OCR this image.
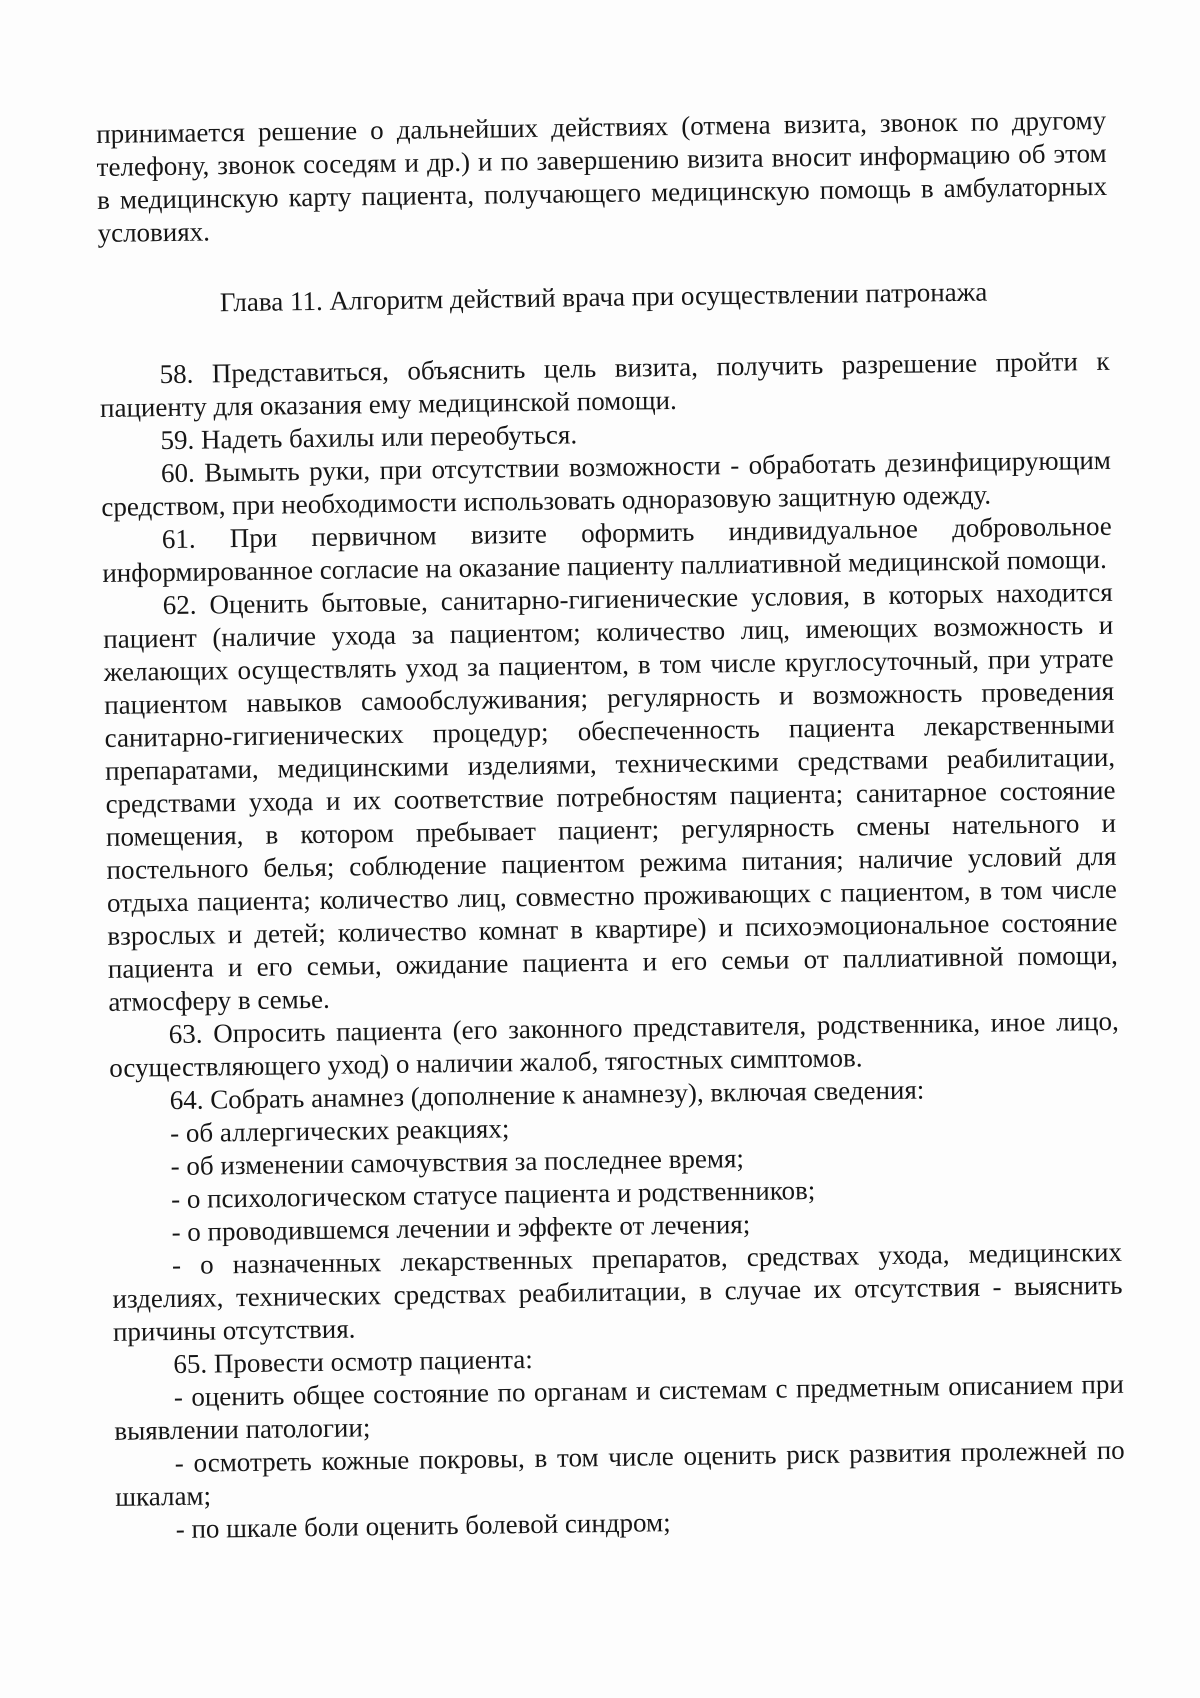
принимается решение о дальнейших действиях (отмена визита, звонок по другому телефону, звонок соседям и др.) и по завершению визита вносит информацию об этом в медицинскую карту пациента, получающего медицинскую помощь в амбулаторных условиях.

Глава 11. Алгоритм действий врача при осуществлении патронажа

58. Представиться, объяснить цель визита, получить разрешение пройти к пациенту для оказания ему медицинской помощи.

59. Надеть бахилы или переобуться.

60. Вымыть руки, при отсутствии возможности - обработать дезинфицирующим средством, при необходимости использовать одноразовую защитную одежду.

61. При первичном визите оформить индивидуальное добровольное информированное согласие на оказание пациенту паллиативной медицинской помощи.

62. Оценить бытовые, санитарно-гигиенические условия, в которых находится пациент (наличие ухода за пациентом; количество лиц, имеющих возможность и желающих осуществлять уход за пациентом, в том числе круглосуточный, при утрате пациентом навыков самообслуживания; регулярность и возможность проведения санитарно-гигиенических процедур; обеспеченность пациента лекарственными препаратами, медицинскими изделиями, техническими средствами реабилитации, средствами ухода и их соответствие потребностям пациента; санитарное состояние помещения, в котором пребывает пациент; регулярность смены нательного и постельного белья; соблюдение пациентом режима питания; наличие условий для отдыха пациента; количество лиц, совместно проживающих с пациентом, в том числе взрослых и детей; количество комнат в квартире) и психоэмоциональное состояние пациента и его семьи, ожидание пациента и его семьи от паллиативной помощи, атмосферу в семье.

63. Опросить пациента (его законного представителя, родственника, иное лицо, осуществляющего уход) о наличии жалоб, тягостных симптомов.

64. Собрать анамнез (дополнение к анамнезу), включая сведения:

- об аллергических реакциях;

- об изменении самочувствия за последнее время;

- о психологическом статусе пациента и родственников;

- о проводившемся лечении и эффекте от лечения;

- о назначенных лекарственных препаратов, средствах ухода, медицинских изделиях, технических средствах реабилитации, в случае их отсутствия - выяснить причины отсутствия.

65. Провести осмотр пациента:

- оценить общее состояние по органам и системам с предметным описанием при выявлении патологии;

- осмотреть кожные покровы, в том числе оценить риск развития пролежней по шкалам;

- по шкале боли оценить болевой синдром;
